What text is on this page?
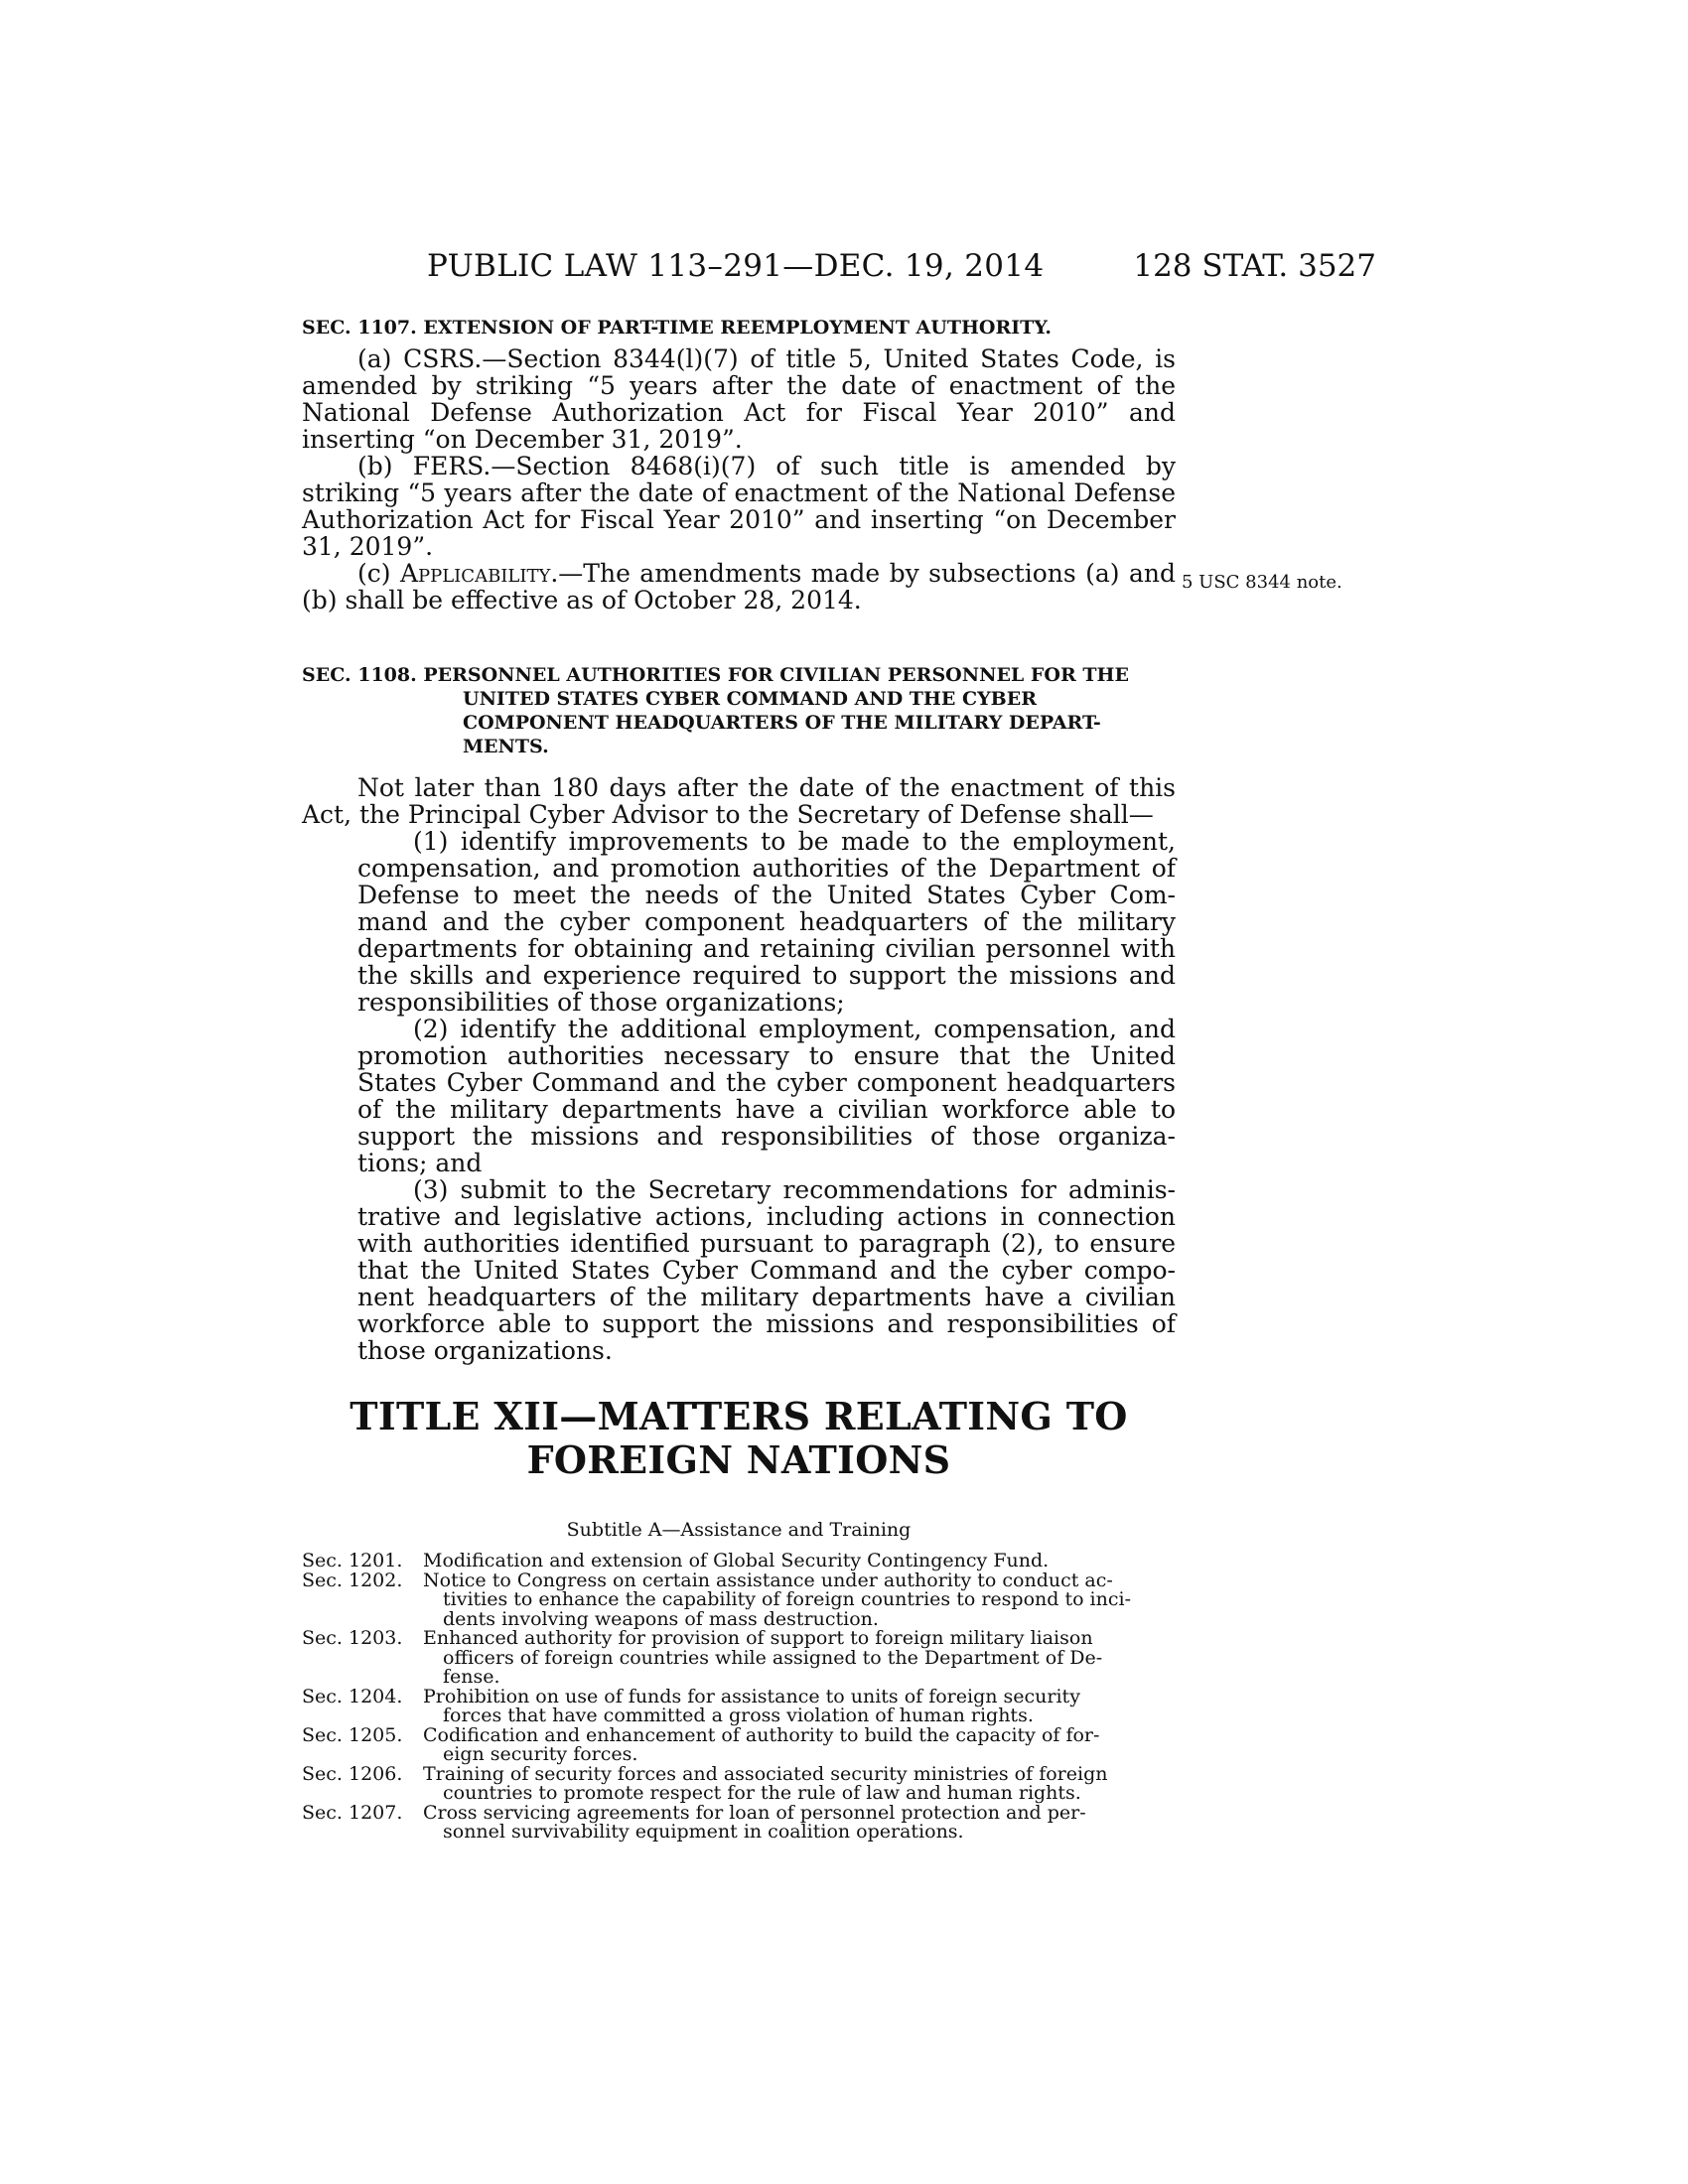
PUBLIC LAW 113–291—DEC. 19, 2014	128 STAT. 3527

SEC. 1107. EXTENSION OF PART-TIME REEMPLOYMENT AUTHORITY.

(a) CSRS.—Section 8344(l)(7) of title 5, United States Code, is amended by striking “5 years after the date of enactment of the National Defense Authorization Act for Fiscal Year 2010” and inserting “on December 31, 2019”.

(b) FERS.—Section 8468(i)(7) of such title is amended by striking “5 years after the date of enactment of the National Defense Authorization Act for Fiscal Year 2010” and inserting “on December 31, 2019”.

(c) Applicability.—The amendments made by subsections (a) and (b) shall be effective as of October 28, 2014.

5 USC 8344 note.

SEC. 1108. PERSONNEL AUTHORITIES FOR CIVILIAN PERSONNEL FOR THE UNITED STATES CYBER COMMAND AND THE CYBER COMPONENT HEADQUARTERS OF THE MILITARY DEPART-MENTS.

Not later than 180 days after the date of the enactment of this Act, the Principal Cyber Advisor to the Secretary of Defense shall—

(1) identify improvements to be made to the employment, compensation, and promotion authorities of the Department of Defense to meet the needs of the United States Cyber Com-mand and the cyber component headquarters of the military departments for obtaining and retaining civilian personnel with the skills and experience required to support the missions and responsibilities of those organizations;

(2) identify the additional employment, compensation, and promotion authorities necessary to ensure that the United States Cyber Command and the cyber component headquarters of the military departments have a civilian workforce able to support the missions and responsibilities of those organiza-tions; and

(3) submit to the Secretary recommendations for adminis-trative and legislative actions, including actions in connection with authorities identified pursuant to paragraph (2), to ensure that the United States Cyber Command and the cyber compo-nent headquarters of the military departments have a civilian workforce able to support the missions and responsibilities of those organizations.

TITLE XII—MATTERS RELATING TO
FOREIGN NATIONS
Subtitle A—Assistance and Training
Sec. 1201.	Modification and extension of Global Security Contingency Fund.
Sec. 1202.	Notice to Congress on certain assistance under authority to conduct ac-
tivities to enhance the capability of foreign countries to respond to inci-
dents involving weapons of mass destruction.
Sec. 1203.	Enhanced authority for provision of support to foreign military liaison
officers of foreign countries while assigned to the Department of De-
fense.
Sec. 1204.	Prohibition on use of funds for assistance to units of foreign security
forces that have committed a gross violation of human rights.
Sec. 1205.	Codification and enhancement of authority to build the capacity of for-
eign security forces.
Sec. 1206.	Training of security forces and associated security ministries of foreign
countries to promote respect for the rule of law and human rights.
Sec. 1207.	Cross servicing agreements for loan of personnel protection and per-
sonnel survivability equipment in coalition operations.
